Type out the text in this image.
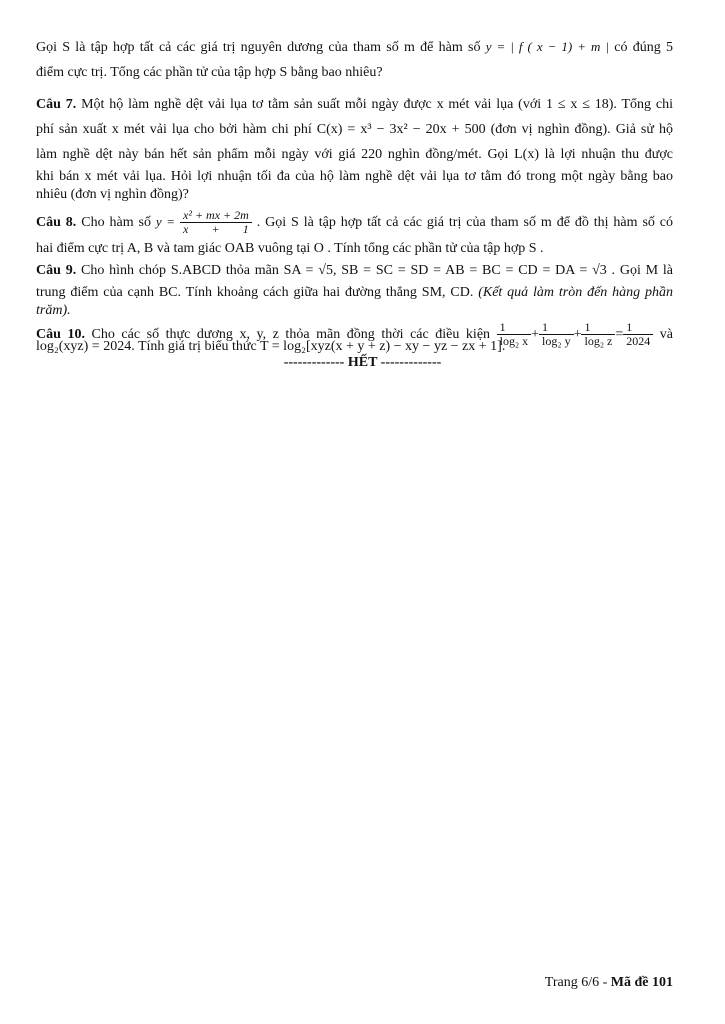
Gọi S là tập hợp tất cả các giá trị nguyên dương của tham số m để hàm số y = | f ( x − 1) + m | có đúng 5
điểm cực trị. Tổng các phần tử của tập hợp S bằng bao nhiêu?
Câu 7. Một hộ làm nghề dệt vải lụa tơ tằm sản suất mỗi ngày được x mét vải lụa (với 1 ≤ x ≤ 18). Tổng chi
phí sản xuất x mét vải lụa cho bởi hàm chi phí C(x) = x³ − 3x² − 20x + 500 (đơn vị nghìn đồng). Giả sử hộ
làm nghề dệt này bán hết sản phẩm mỗi ngày với giá 220 nghìn đồng/mét. Gọi L(x) là lợi nhuận thu được
khi bán x mét vải lụa. Hỏi lợi nhuận tối đa của hộ làm nghề dệt vải lụa tơ tằm đó trong một ngày bằng bao
nhiêu (đơn vị nghìn đồng)?
Câu 8. Cho hàm số $y = \frac{\text{x² + mx + 2m}}{x + 1}$ . Gọi S là tập hợp tất cả các giá trị của tham số m để đồ thị hàm số có
hai điểm cực trị A, B và tam giác OAB vuông tại O . Tính tổng các phần tử của tập hợp S .
Câu 9. Cho hình chóp S.ABCD thỏa mãn SA = √5, SB = SC = SD = AB = BC = CD = DA = √3 . Gọi M là
trung điểm của cạnh BC. Tính khoảng cách giữa hai đường thẳng SM, CD. (Kết quả làm tròn đến hàng phần
trăm).
Câu 10. Cho các số thực dương x, y, z thỏa mãn đồng thời các điều kiện $\frac{1}{\text{log₂ x}} + \frac{1}{\text{log₂ y}} + \frac{1}{\text{log₂ z}} = \frac{1}{2024}$ và
log₂(xyz) = 2024. Tính giá trị biểu thức T = log₂[xyz(x + y + z) − xy − yz − zx + 1].
------------- HẾT -------------
Trang 6/6 - Mã đề 101
